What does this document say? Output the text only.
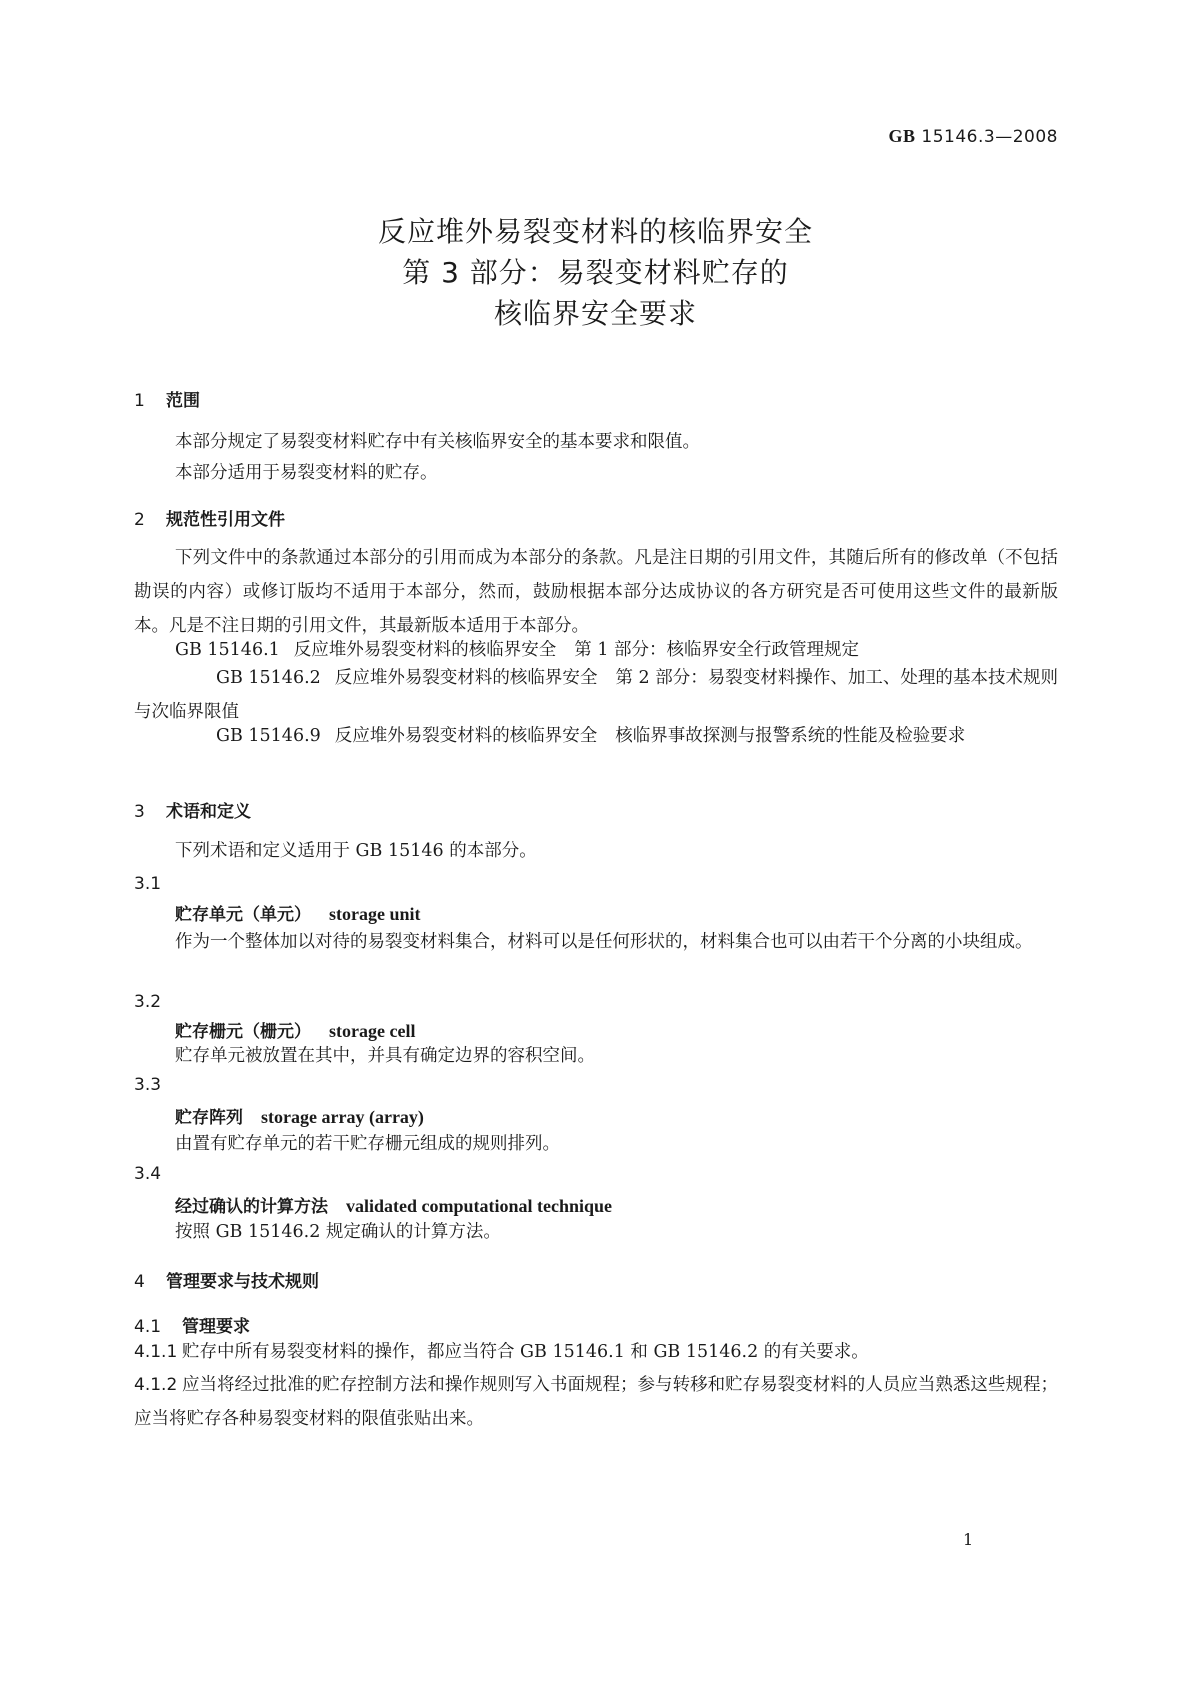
GB 15146.3—2008
反应堆外易裂变材料的核临界安全
第 3 部分：易裂变材料贮存的
核临界安全要求
1 范围
本部分规定了易裂变材料贮存中有关核临界安全的基本要求和限值。
本部分适用于易裂变材料的贮存。
2 规范性引用文件
下列文件中的条款通过本部分的引用而成为本部分的条款。凡是注日期的引用文件，其随后所有的修改单（不包括勘误的内容）或修订版均不适用于本部分，然而，鼓励根据本部分达成协议的各方研究是否可使用这些文件的最新版本。凡是不注日期的引用文件，其最新版本适用于本部分。
GB 15146.1 反应堆外易裂变材料的核临界安全 第 1 部分：核临界安全行政管理规定
GB 15146.2 反应堆外易裂变材料的核临界安全 第 2 部分：易裂变材料操作、加工、处理的基本技术规则与次临界限值
GB 15146.9 反应堆外易裂变材料的核临界安全 核临界事故探测与报警系统的性能及检验要求
3 术语和定义
下列术语和定义适用于 GB 15146 的本部分。
3.1
贮存单元（单元） storage unit
作为一个整体加以对待的易裂变材料集合，材料可以是任何形状的，材料集合也可以由若干个分离的小块组成。
3.2
贮存栅元（栅元） storage cell
贮存单元被放置在其中，并具有确定边界的容积空间。
3.3
贮存阵列 storage array (array)
由置有贮存单元的若干贮存栅元组成的规则排列。
3.4
经过确认的计算方法 validated computational technique
按照 GB 15146.2 规定确认的计算方法。
4 管理要求与技术规则
4.1 管理要求
4.1.1 贮存中所有易裂变材料的操作，都应当符合 GB 15146.1 和 GB 15146.2 的有关要求。
4.1.2 应当将经过批准的贮存控制方法和操作规则写入书面规程；参与转移和贮存易裂变材料的人员应当熟悉这些规程；应当将贮存各种易裂变材料的限值张贴出来。
1
